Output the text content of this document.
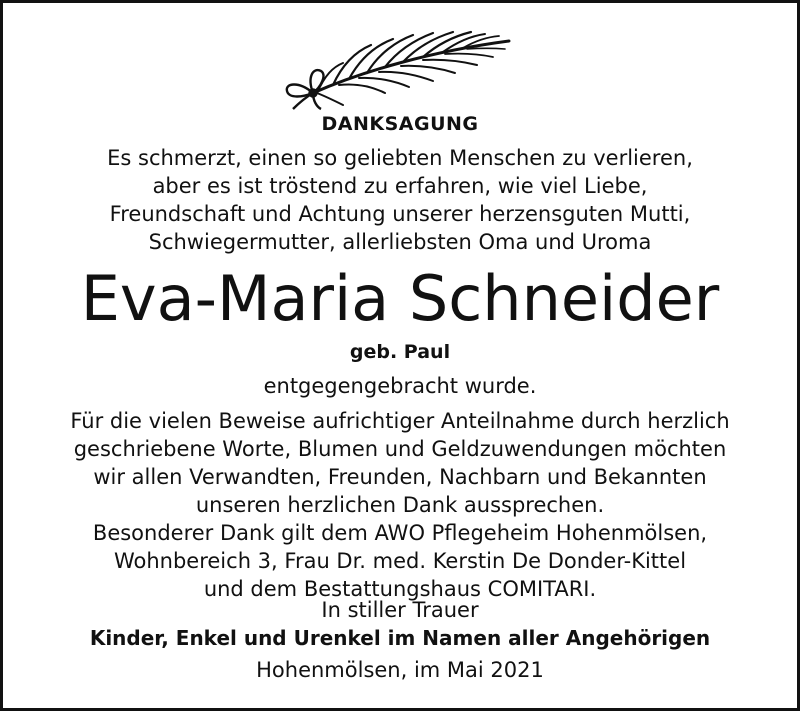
DANKSAGUNG
Es schmerzt, einen so geliebten Menschen zu verlieren,
aber es ist tröstend zu erfahren, wie viel Liebe,
Freundschaft und Achtung unserer herzensguten Mutti,
Schwiegermutter, allerliebsten Oma und Uroma
Eva-Maria Schneider
geb. Paul
entgegengebracht wurde.
Für die vielen Beweise aufrichtiger Anteilnahme durch herzlich
geschriebene Worte, Blumen und Geldzuwendungen möchten
wir allen Verwandten, Freunden, Nachbarn und Bekannten
unseren herzlichen Dank aussprechen.
Besonderer Dank gilt dem AWO Pflegeheim Hohenmölsen,
Wohnbereich 3, Frau Dr. med. Kerstin De Donder-Kittel
und dem Bestattungshaus COMITARI.
In stiller Trauer
Kinder, Enkel und Urenkel im Namen aller Angehörigen
Hohenmölsen, im Mai 2021
